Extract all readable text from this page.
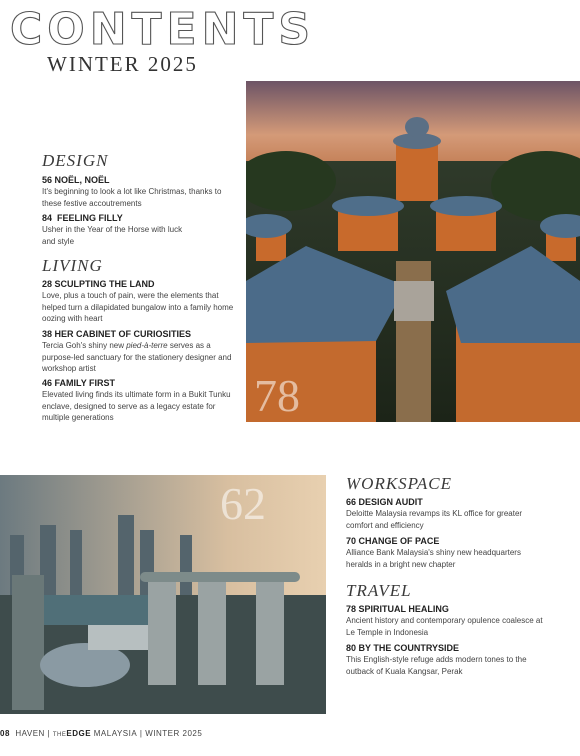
CONTENTS
WINTER 2025
DESIGN
56 NOËL, NOËL
It's beginning to look a lot like Christmas, thanks to these festive accoutrements
84 FEELING FILLY
Usher in the Year of the Horse with luck and style
LIVING
28 SCULPTING THE LAND
Love, plus a touch of pain, were the elements that helped turn a dilapidated bungalow into a family home oozing with heart
38 HER CABINET OF CURIOSITIES
Tercia Goh's shiny new pied-à-terre serves as a purpose-led sanctuary for the stationery designer and workshop artist
46 FAMILY FIRST
Elevated living finds its ultimate form in a Bukit Tunku enclave, designed to serve as a legacy estate for multiple generations	78
62	WORKSPACE
66 DESIGN AUDIT
Deloitte Malaysia revamps its KL office for greater comfort and efficiency
70 CHANGE OF PACE
Alliance Bank Malaysia's shiny new headquarters heralds in a bright new chapter
TRAVEL
78 SPIRITUAL HEALING
Ancient history and contemporary opulence coalesce at Le Temple in Indonesia
80 BY THE COUNTRYSIDE
This English-style refuge adds modern tones to the outback of Kuala Kangsar, Perak
08 HAVEN | THEEDGE MALAYSIA | WINTER 2025
